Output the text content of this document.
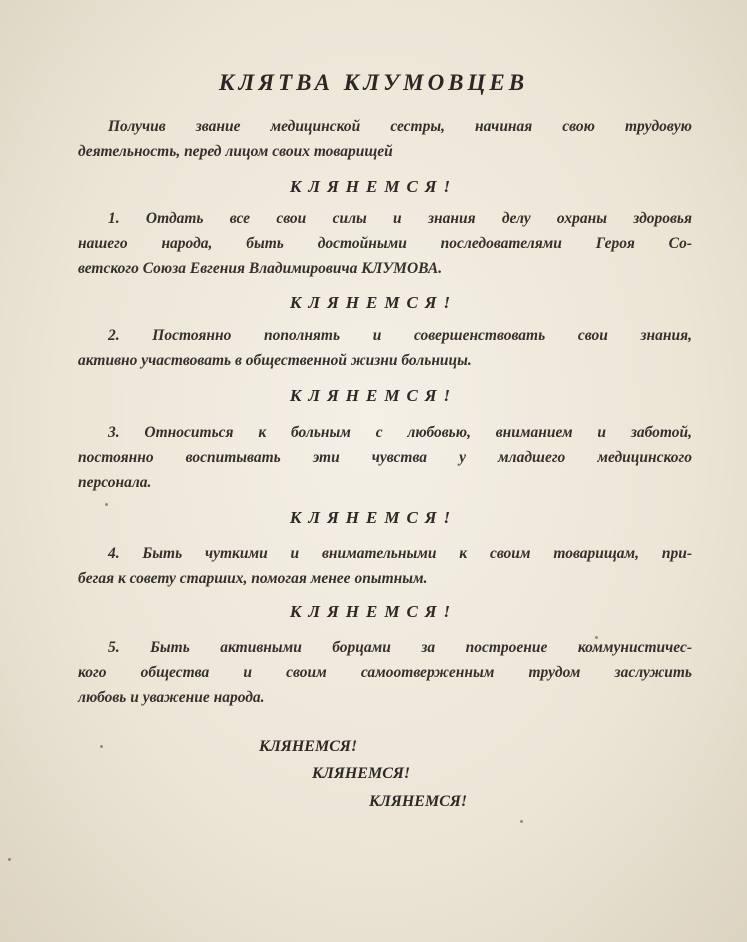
КЛЯТВА КЛУМОВЦЕВ
Получив звание медицинской сестры, начиная свою трудовую
деятельность, перед лицом своих товарищей
КЛЯНЕМСЯ!
1. Отдать все свои силы и знания делу охраны здоровья
нашего народа, быть достойными последователями Героя Со-
ветского Союза Евгения Владимировича КЛУМОВА.
КЛЯНЕМСЯ!
2. Постоянно пополнять и совершенствовать свои знания,
активно участвовать в общественной жизни больницы.
КЛЯНЕМСЯ!
3. Относиться к больным с любовью, вниманием и заботой,
постоянно воспитывать эти чувства у младшего медицинского
персонала.
КЛЯНЕМСЯ!
4. Быть чуткими и внимательными к своим товарищам, при-
бегая к совету старших, помогая менее опытным.
КЛЯНЕМСЯ!
5. Быть активными борцами за построение коммунистичес-
кого общества и своим самоотверженным трудом заслужить
любовь и уважение народа.
КЛЯНЕМСЯ!
КЛЯНЕМСЯ!
КЛЯНЕМСЯ!
